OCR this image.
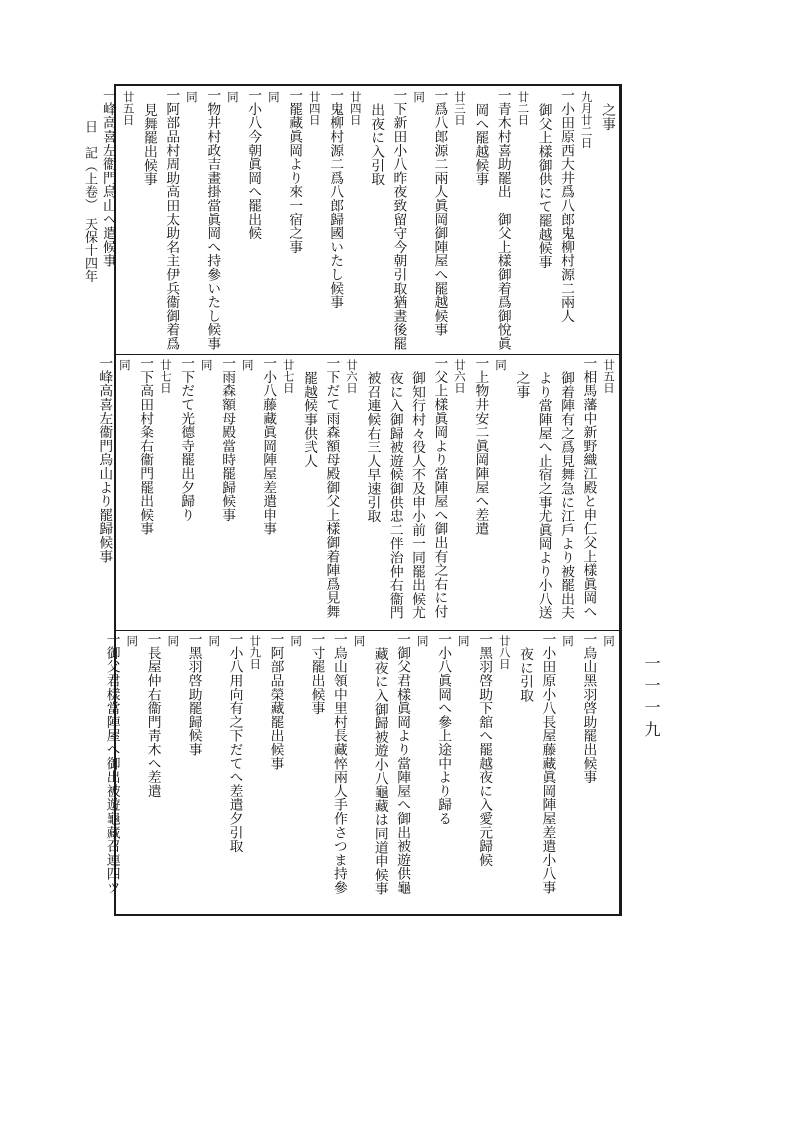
日　記（上卷）　天保十四年
之事
九月廿二日
一小田原西大井爲八郎鬼柳村源二兩人
御父上樣御供にて罷越候事
廿二日
一青木村喜助罷出　御父上樣御着爲御悅眞
岡へ罷越候事
廿三日
一爲八郎源二兩人眞岡御陣屋へ罷越候事
同
一下新田小八昨夜致留守今朝引取猶晝後罷
出夜に入引取
廿四日
一鬼柳村源二爲八郎歸國いたし候事
廿四日
一罷藏眞岡より來一宿之事
同
一小八今朝眞岡へ罷出候
同
一物井村政吉畫掛當眞岡へ持參いたし候事
同
一阿部品村周助高田太助名主伊兵衞御着爲
見舞罷出候事
廿五日
一峰高喜左衞門烏山へ遣候事
廿五日
一相馬藩中新野織江殿と申仁父上樣眞岡へ
御着陣有之爲見舞急に江戶より被罷出夫
より當陣屋へ止宿之事尤眞岡より小八送
之事
同
一上物井安二眞岡陣屋へ差遣
廿六日
一父上樣眞岡より當陣屋へ御出有之右に付
御知行村々役人不及申小前一同罷出候尤
夜に入御歸被遊候御供忠二伴治仲右衞門
被召連候右三人早速引取
廿六日
一下だて雨森額母殿御父上樣御着陣爲見舞
罷越候事供弐人
廿七日
一小八藤藏眞岡陣屋差遣申事
同
一雨森額母殿當時罷歸候事
同
一下だて光德寺罷出夕歸り
廿七日
一下高田村粂右衞門罷出候事
同
一峰高喜左衞門烏山より罷歸候事
同
一烏山黑羽啓助罷出候事
同
一小田原小八長屋藤藏眞岡陣屋差遣小八事
夜に引取
廿八日
一黑羽啓助下舘へ罷越夜に入愛元歸候
同
一小八眞岡へ參上途中より歸る
同
一御父君樣眞岡より當陣屋へ御出被遊供龜
藏夜に入御歸被遊小八龜藏は同道申候事
同
一烏山領中里村長藏悴兩人手作さつま持參
一寸罷出候事
同
一阿部品榮藏罷出候事
廿九日
一小八用向有之下だてへ差遣夕引取
同
一黑羽啓助罷歸候事
同
一長屋仲右衞門靑木へ差遣
同
一御父君樣當陣屋へ御出被遊龜藏召連四ツ	一一一九
